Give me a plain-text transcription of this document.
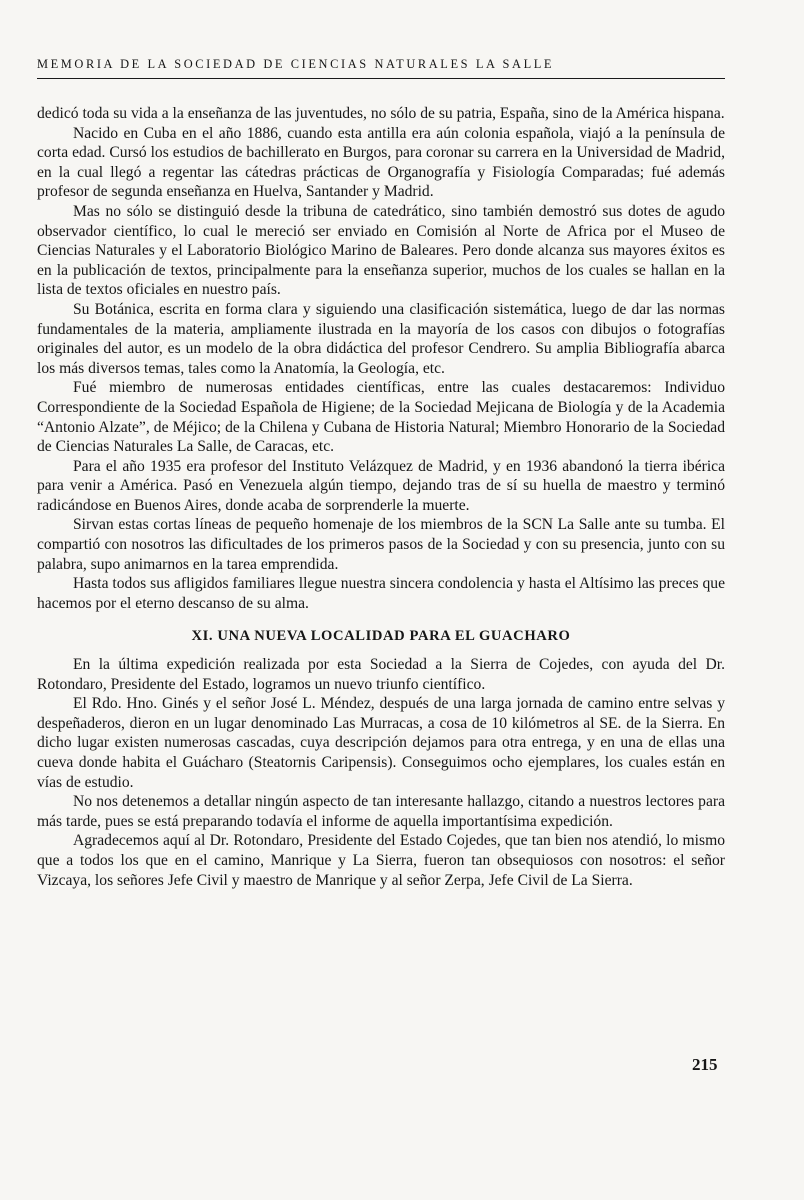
MEMORIA DE LA SOCIEDAD DE CIENCIAS NATURALES LA SALLE

dedicó toda su vida a la enseñanza de las juventudes, no sólo de su patria, España, sino de la América hispana.

Nacido en Cuba en el año 1886, cuando esta antilla era aún colonia española, viajó a la península de corta edad. Cursó los estudios de bachillerato en Burgos, para coronar su carrera en la Universidad de Madrid, en la cual llegó a regentar las cátedras prácticas de Organografía y Fisiología Comparadas; fué además profesor de segunda enseñanza en Huelva, Santander y Madrid.

Mas no sólo se distinguió desde la tribuna de catedrático, sino también demostró sus dotes de agudo observador científico, lo cual le mereció ser enviado en Comisión al Norte de Africa por el Museo de Ciencias Naturales y el Laboratorio Biológico Marino de Baleares. Pero donde alcanza sus mayores éxitos es en la publicación de textos, principalmente para la enseñanza superior, muchos de los cuales se hallan en la lista de textos oficiales en nuestro país.

Su Botánica, escrita en forma clara y siguiendo una clasificación sistemática, luego de dar las normas fundamentales de la materia, ampliamente ilustrada en la mayoría de los casos con dibujos o fotografías originales del autor, es un modelo de la obra didáctica del profesor Cendrero. Su amplia Bibliografía abarca los más diversos temas, tales como la Anatomía, la Geología, etc.

Fué miembro de numerosas entidades científicas, entre las cuales destacaremos: Individuo Correspondiente de la Sociedad Española de Higiene; de la Sociedad Mejicana de Biología y de la Academia “Antonio Alzate”, de Méjico; de la Chilena y Cubana de Historia Natural; Miembro Honorario de la Sociedad de Ciencias Naturales La Salle, de Caracas, etc.

Para el año 1935 era profesor del Instituto Velázquez de Madrid, y en 1936 abandonó la tierra ibérica para venir a América. Pasó en Venezuela algún tiempo, dejando tras de sí su huella de maestro y terminó radicándose en Buenos Aires, donde acaba de sorprenderle la muerte.

Sirvan estas cortas líneas de pequeño homenaje de los miembros de la SCN La Salle ante su tumba. El compartió con nosotros las dificultades de los primeros pasos de la Sociedad y con su presencia, junto con su palabra, supo animarnos en la tarea emprendida.

Hasta todos sus afligidos familiares llegue nuestra sincera condolencia y hasta el Altísimo las preces que hacemos por el eterno descanso de su alma.

XI. UNA NUEVA LOCALIDAD PARA EL GUACHARO

En la última expedición realizada por esta Sociedad a la Sierra de Cojedes, con ayuda del Dr. Rotondaro, Presidente del Estado, logramos un nuevo triunfo científico.

El Rdo. Hno. Ginés y el señor José L. Méndez, después de una larga jornada de camino entre selvas y despeñaderos, dieron en un lugar denominado Las Murracas, a cosa de 10 kilómetros al SE. de la Sierra. En dicho lugar existen numerosas cascadas, cuya descripción dejamos para otra entrega, y en una de ellas una cueva donde habita el Guácharo (Steatornis Caripensis). Conseguimos ocho ejemplares, los cuales están en vías de estudio.

No nos detenemos a detallar ningún aspecto de tan interesante hallazgo, citando a nuestros lectores para más tarde, pues se está preparando todavía el informe de aquella importantísima expedición.

Agradecemos aquí al Dr. Rotondaro, Presidente del Estado Cojedes, que tan bien nos atendió, lo mismo que a todos los que en el camino, Manrique y La Sierra, fueron tan obsequiosos con nosotros: el señor Vizcaya, los señores Jefe Civil y maestro de Manrique y al señor Zerpa, Jefe Civil de La Sierra.

215
